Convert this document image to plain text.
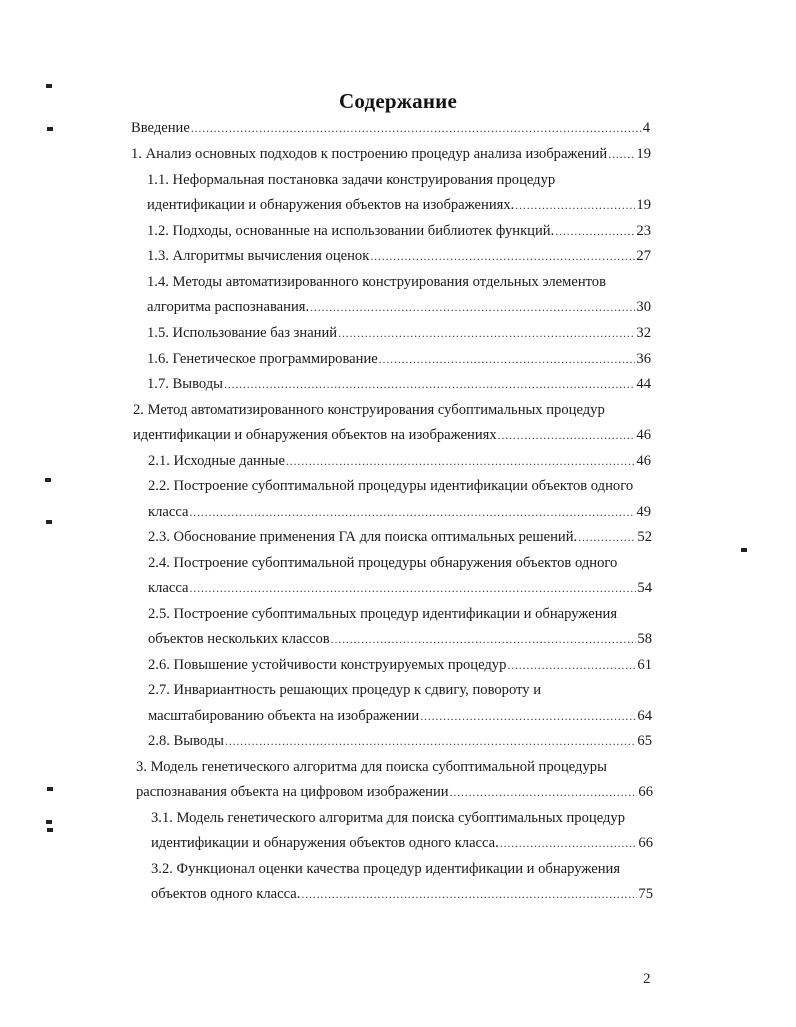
Содержание
Введение .....	4
1. Анализ основных подходов к построению процедур анализа изображений ..... 19
1.1. Неформальная постановка задачи конструирования процедур
идентификации и обнаружения объектов на изображениях. .....	19
1.2. Подходы, основанные на использовании библиотек функций. .....	23
1.3. Алгоритмы вычисления оценок .....	27
1.4. Методы автоматизированного конструирования отдельных элементов
алгоритма распознавания. .....	30
1.5. Использование баз знаний .....	32
1.6. Генетическое программирование .....	36
1.7. Выводы .....	44
2. Метод автоматизированного конструирования субоптимальных процедур
идентификации и обнаружения объектов на изображениях .....	46
2.1. Исходные данные .....	46
2.2. Построение субоптимальной процедуры идентификации объектов одного
класса .....	49
2.3. Обоснование применения ГА для поиска оптимальных решений. .....	52
2.4. Построение субоптимальной процедуры обнаружения объектов одного
класса .....	54
2.5. Построение субоптимальных процедур идентификации и обнаружения
объектов нескольких классов .....	58
2.6. Повышение устойчивости конструируемых процедур .....	61
2.7. Инвариантность решающих процедур к сдвигу, повороту и
масштабированию объекта на изображении .....	64
2.8. Выводы .....	65
3. Модель генетического алгоритма для поиска субоптимальной процедуры
распознавания объекта на цифровом изображении .....	66
3.1. Модель генетического алгоритма для поиска субоптимальных процедур
идентификации и обнаружения объектов одного класса. .....	66
3.2. Функционал оценки качества процедур идентификации и обнаружения
объектов одного класса. .....	75
2
